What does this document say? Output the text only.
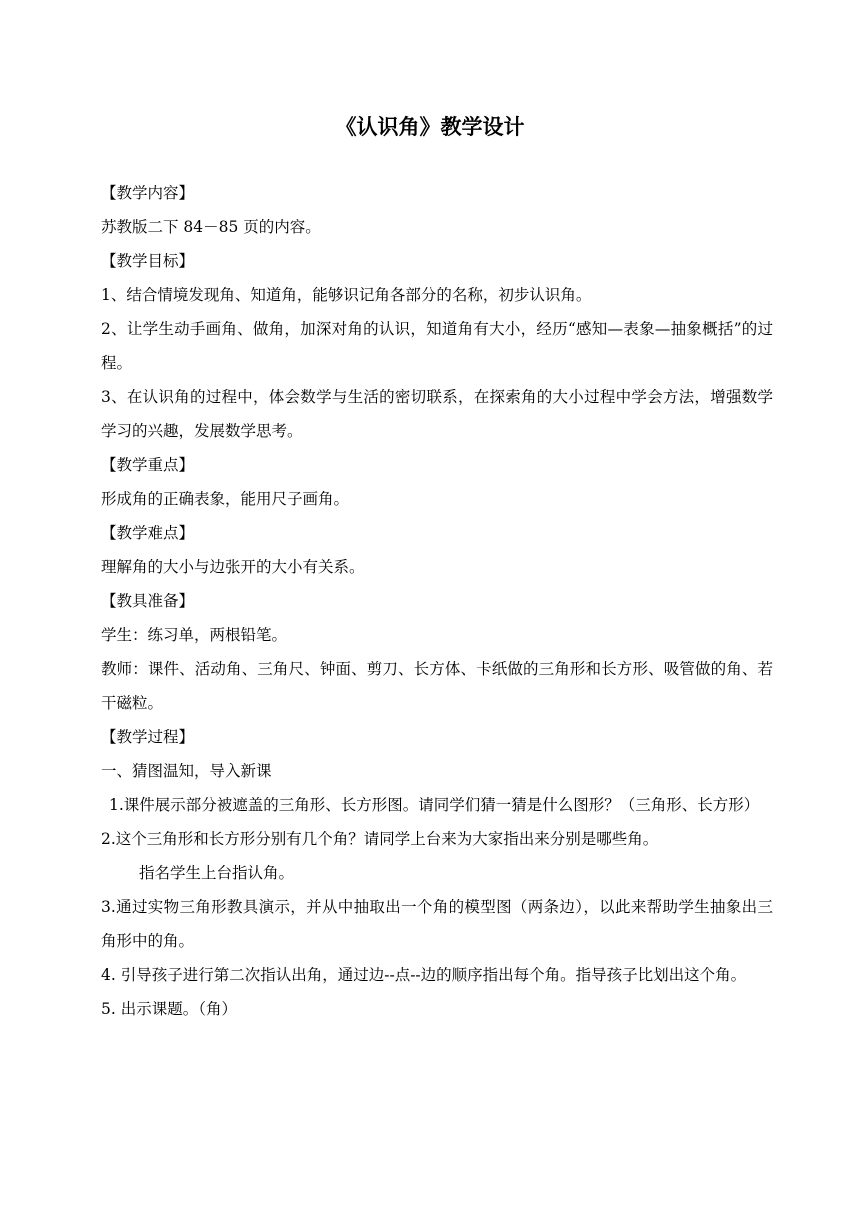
《认识角》教学设计

【教学内容】

苏教版二下 84－85 页的内容。

【教学目标】

1、结合情境发现角、知道角，能够识记角各部分的名称，初步认识角。

2、让学生动手画角、做角，加深对角的认识，知道角有大小，经历“感知—表象—抽象概括”的过程。

3、在认识角的过程中，体会数学与生活的密切联系，在探索角的大小过程中学会方法，增强数学学习的兴趣，发展数学思考。

【教学重点】

形成角的正确表象，能用尺子画角。

【教学难点】

理解角的大小与边张开的大小有关系。

【教具准备】

学生：练习单，两根铅笔。

教师：课件、活动角、三角尺、钟面、剪刀、长方体、卡纸做的三角形和长方形、吸管做的角、若干磁粒。

【教学过程】

一、猜图温知，导入新课

1.课件展示部分被遮盖的三角形、长方形图。请同学们猜一猜是什么图形？（三角形、长方形）

2.这个三角形和长方形分别有几个角？请同学上台来为大家指出来分别是哪些角。

指名学生上台指认角。

3.通过实物三角形教具演示，并从中抽取出一个角的模型图（两条边），以此来帮助学生抽象出三角形中的角。

4. 引导孩子进行第二次指认出角，通过边--点--边的顺序指出每个角。指导孩子比划出这个角。

5. 出示课题。（角）
